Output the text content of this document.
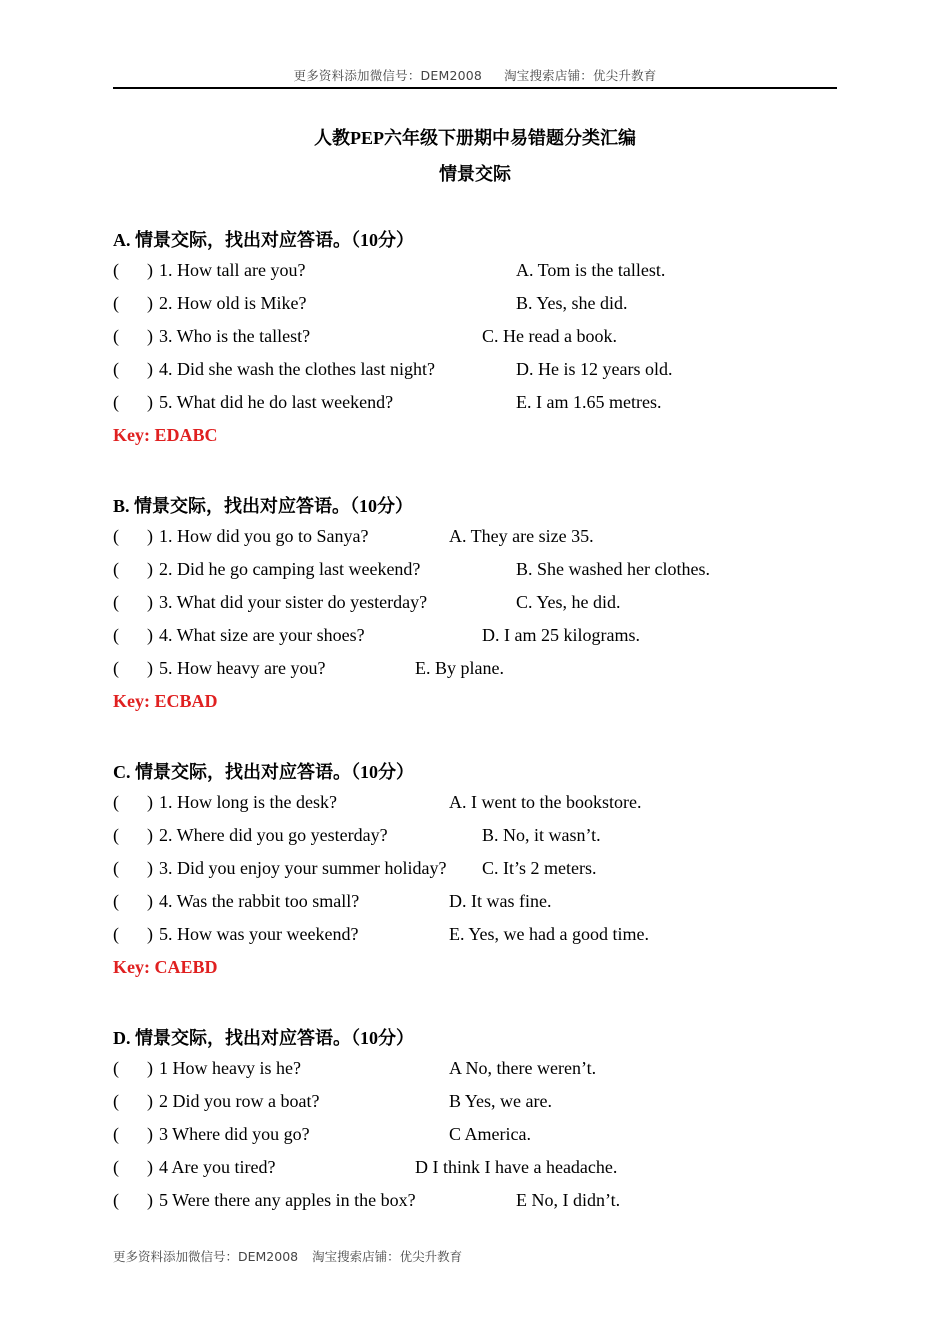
更多资料添加微信号：DEM2008 淘宝搜索店铺：优尖升教育
人教PEP六年级下册期中易错题分类汇编
情景交际
A. 情景交际，找出对应答语。（10分）
( ) 1. How tall are you?	A. Tom is the tallest.
( ) 2. How old is Mike?	B. Yes, she did.
( ) 3. Who is the tallest?	C. He read a book.
( ) 4. Did she wash the clothes last night?	D. He is 12 years old.
( ) 5. What did he do last weekend?	E. I am 1.65 metres.
Key: EDABC
B. 情景交际，找出对应答语。（10分）
( ) 1. How did you go to Sanya?	A. They are size 35.
( ) 2. Did he go camping last weekend?	B. She washed her clothes.
( ) 3. What did your sister do yesterday?	C. Yes, he did.
( ) 4. What size are your shoes?	D. I am 25 kilograms.
( ) 5. How heavy are you?	E. By plane.
Key: ECBAD
C. 情景交际，找出对应答语。（10分）
( ) 1. How long is the desk?	A. I went to the bookstore.
( ) 2. Where did you go yesterday?	B. No, it wasn’t.
( ) 3. Did you enjoy your summer holiday? C. It’s 2 meters.
( ) 4. Was the rabbit too small?	D. It was fine.
( ) 5. How was your weekend?	E. Yes, we had a good time.
Key: CAEBD
D. 情景交际，找出对应答语。（10分）
( ) 1 How heavy is he?	A No, there weren’t.
( ) 2 Did you row a boat?	B Yes, we are.
( ) 3 Where did you go?	C America.
( ) 4 Are you tired?	D I think I have a headache.
( ) 5 Were there any apples in the box?	E No, I didn’t.
更多资料添加微信号：DEM2008 淘宝搜索店铺：优尖升教育
